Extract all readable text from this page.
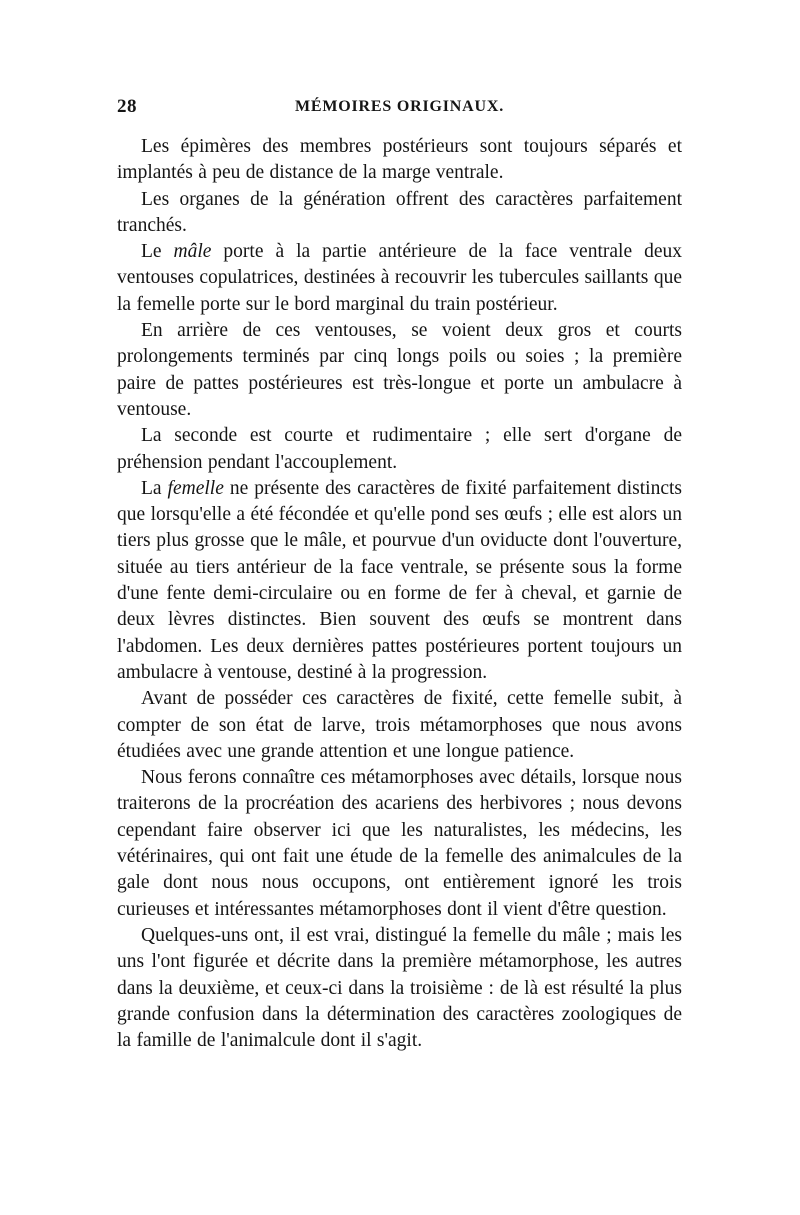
28	MÉMOIRES ORIGINAUX.

Les épimères des membres postérieurs sont toujours séparés et implantés à peu de distance de la marge ventrale.

Les organes de la génération offrent des caractères parfaitement tranchés.

Le mâle porte à la partie antérieure de la face ventrale deux ventouses copulatrices, destinées à recouvrir les tubercules saillants que la femelle porte sur le bord marginal du train postérieur.

En arrière de ces ventouses, se voient deux gros et courts prolongements terminés par cinq longs poils ou soies ; la première paire de pattes postérieures est très-longue et porte un ambulacre à ventouse.

La seconde est courte et rudimentaire ; elle sert d'organe de préhension pendant l'accouplement.

La femelle ne présente des caractères de fixité parfaitement distincts que lorsqu'elle a été fécondée et qu'elle pond ses œufs ; elle est alors un tiers plus grosse que le mâle, et pourvue d'un oviducte dont l'ouverture, située au tiers antérieur de la face ventrale, se présente sous la forme d'une fente demi-circulaire ou en forme de fer à cheval, et garnie de deux lèvres distinctes. Bien souvent des œufs se montrent dans l'abdomen. Les deux dernières pattes postérieures portent toujours un ambulacre à ventouse, destiné à la progression.

Avant de posséder ces caractères de fixité, cette femelle subit, à compter de son état de larve, trois métamorphoses que nous avons étudiées avec une grande attention et une longue patience.

Nous ferons connaître ces métamorphoses avec détails, lorsque nous traiterons de la procréation des acariens des herbivores ; nous devons cependant faire observer ici que les naturalistes, les médecins, les vétérinaires, qui ont fait une étude de la femelle des animalcules de la gale dont nous nous occupons, ont entièrement ignoré les trois curieuses et intéressantes métamorphoses dont il vient d'être question.

Quelques-uns ont, il est vrai, distingué la femelle du mâle ; mais les uns l'ont figurée et décrite dans la première métamorphose, les autres dans la deuxième, et ceux-ci dans la troisième : de là est résulté la plus grande confusion dans la détermination des caractères zoologiques de la famille de l'animalcule dont il s'agit.
